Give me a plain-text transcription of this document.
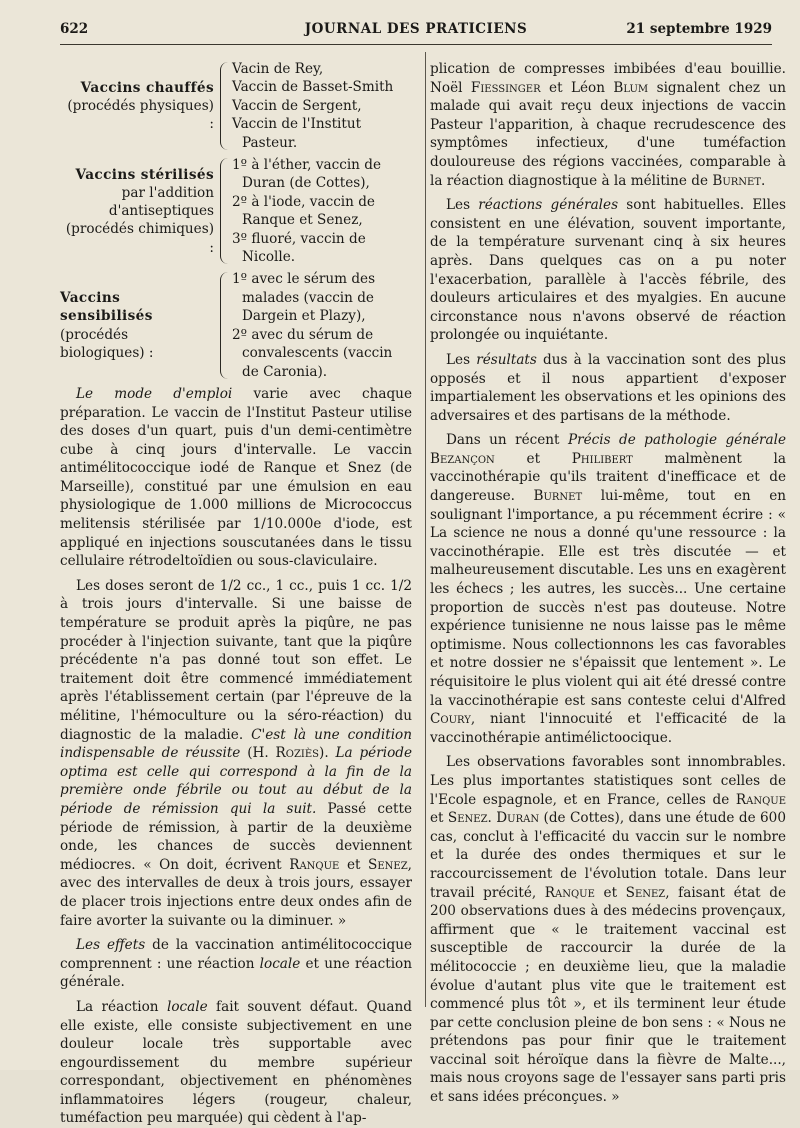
622	JOURNAL DES PRATICIENS	21 septembre 1929
Vaccins chauffés
(procédés physiques) :
Vacin de Rey,
Vaccin de Basset-Smith
Vaccin de Sergent,
Vaccin de l'Institut Pasteur.
Vaccins stérilisés
par l'addition d'antiseptiques (procédés chimiques) :
1º à l'éther, vaccin de Duran (de Cottes),
2º à l'iode, vaccin de Ranque et Senez,
3º fluoré, vaccin de Nicolle.
Vaccins sensibilisés
(procédés biologiques) :
1º avec le sérum des malades (vaccin de Dargein et Plazy),
2º avec du sérum de convalescents (vaccin de Caronia).

Le mode d'emploi varie avec chaque préparation. Le vaccin de l'Institut Pasteur utilise des doses d'un quart, puis d'un demi-centimètre cube à cinq jours d'intervalle. Le vaccin antimélitococcique iodé de Ranque et Snez (de Marseille), constitué par une émulsion en eau physiologique de 1.000 millions de Micrococcus melitensis stérilisée par 1/10.000e d'iode, est appliqué en injections souscutanées dans le tissu cellulaire rétrodeltoïdien ou sous-claviculaire.

Les doses seront de 1/2 cc., 1 cc., puis 1 cc. 1/2 à trois jours d'intervalle. Si une baisse de température se produit après la piqûre, ne pas procéder à l'injection suivante, tant que la piqûre précédente n'a pas donné tout son effet. Le traitement doit être commencé immédiatement après l'établissement certain (par l'épreuve de la mélitine, l'hémoculture ou la séro-réaction) du diagnostic de la maladie. C'est là une condition indispensable de réussite (H. Roziès). La période optima est celle qui correspond à la fin de la première onde fébrile ou tout au début de la période de rémission qui la suit. Passé cette période de rémission, à partir de la deuxième onde, les chances de succès deviennent médiocres. « On doit, écrivent Ranque et Senez, avec des intervalles de deux à trois jours, essayer de placer trois injections entre deux ondes afin de faire avorter la suivante ou la diminuer. »

Les effets de la vaccination antimélitococcique comprennent : une réaction locale et une réaction générale.

La réaction locale fait souvent défaut. Quand elle existe, elle consiste subjectivement en une douleur locale très supportable avec engourdissement du membre supérieur correspondant, objectivement en phénomènes inflammatoires légers (rougeur, chaleur, tuméfaction peu marquée) qui cèdent à l'ap-

plication de compresses imbibées d'eau bouillie. Noël Fiessinger et Léon Blum signalent chez un malade qui avait reçu deux injections de vaccin Pasteur l'apparition, à chaque recrudescence des symptômes infectieux, d'une tuméfaction douloureuse des régions vaccinées, comparable à la réaction diagnostique à la mélitine de Burnet.

Les réactions générales sont habituelles. Elles consistent en une élévation, souvent importante, de la température survenant cinq à six heures après. Dans quelques cas on a pu noter l'exacerbation, parallèle à l'accès fébrile, des douleurs articulaires et des myalgies. En aucune circonstance nous n'avons observé de réaction prolongée ou inquiétante.

Les résultats dus à la vaccination sont des plus opposés et il nous appartient d'exposer impartialement les observations et les opinions des adversaires et des partisans de la méthode.

Dans un récent Précis de pathologie générale Bezançon et Philibert malmènent la vaccinothérapie qu'ils traitent d'inefficace et de dangereuse. Burnet lui-même, tout en en soulignant l'importance, a pu récemment écrire : « La science ne nous a donné qu'une ressource : la vaccinothérapie. Elle est très discutée — et malheureusement discutable. Les uns en exagèrent les échecs ; les autres, les succès... Une certaine proportion de succès n'est pas douteuse. Notre expérience tunisienne ne nous laisse pas le même optimisme. Nous collectionnons les cas favorables et notre dossier ne s'épaissit que lentement ». Le réquisitoire le plus violent qui ait été dressé contre la vaccinothérapie est sans conteste celui d'Alfred Coury, niant l'innocuité et l'efficacité de la vaccinothérapie antimélictoocique.

Les observations favorables sont innombrables. Les plus importantes statistiques sont celles de l'Ecole espagnole, et en France, celles de Ranque et Senez. Duran (de Cottes), dans une étude de 600 cas, conclut à l'efficacité du vaccin sur le nombre et la durée des ondes thermiques et sur le raccourcissement de l'évolution totale. Dans leur travail précité, Ranque et Senez, faisant état de 200 observations dues à des médecins provençaux, affirment que « le traitement vaccinal est susceptible de raccourcir la durée de la mélitococcie ; en deuxième lieu, que la maladie évolue d'autant plus vite que le traitement est commencé plus tôt », et ils terminent leur étude par cette conclusion pleine de bon sens : « Nous ne prétendons pas pour finir que le traitement vaccinal soit héroïque dans la fièvre de Malte..., mais nous croyons sage de l'essayer sans parti pris et sans idées préconçues. »
